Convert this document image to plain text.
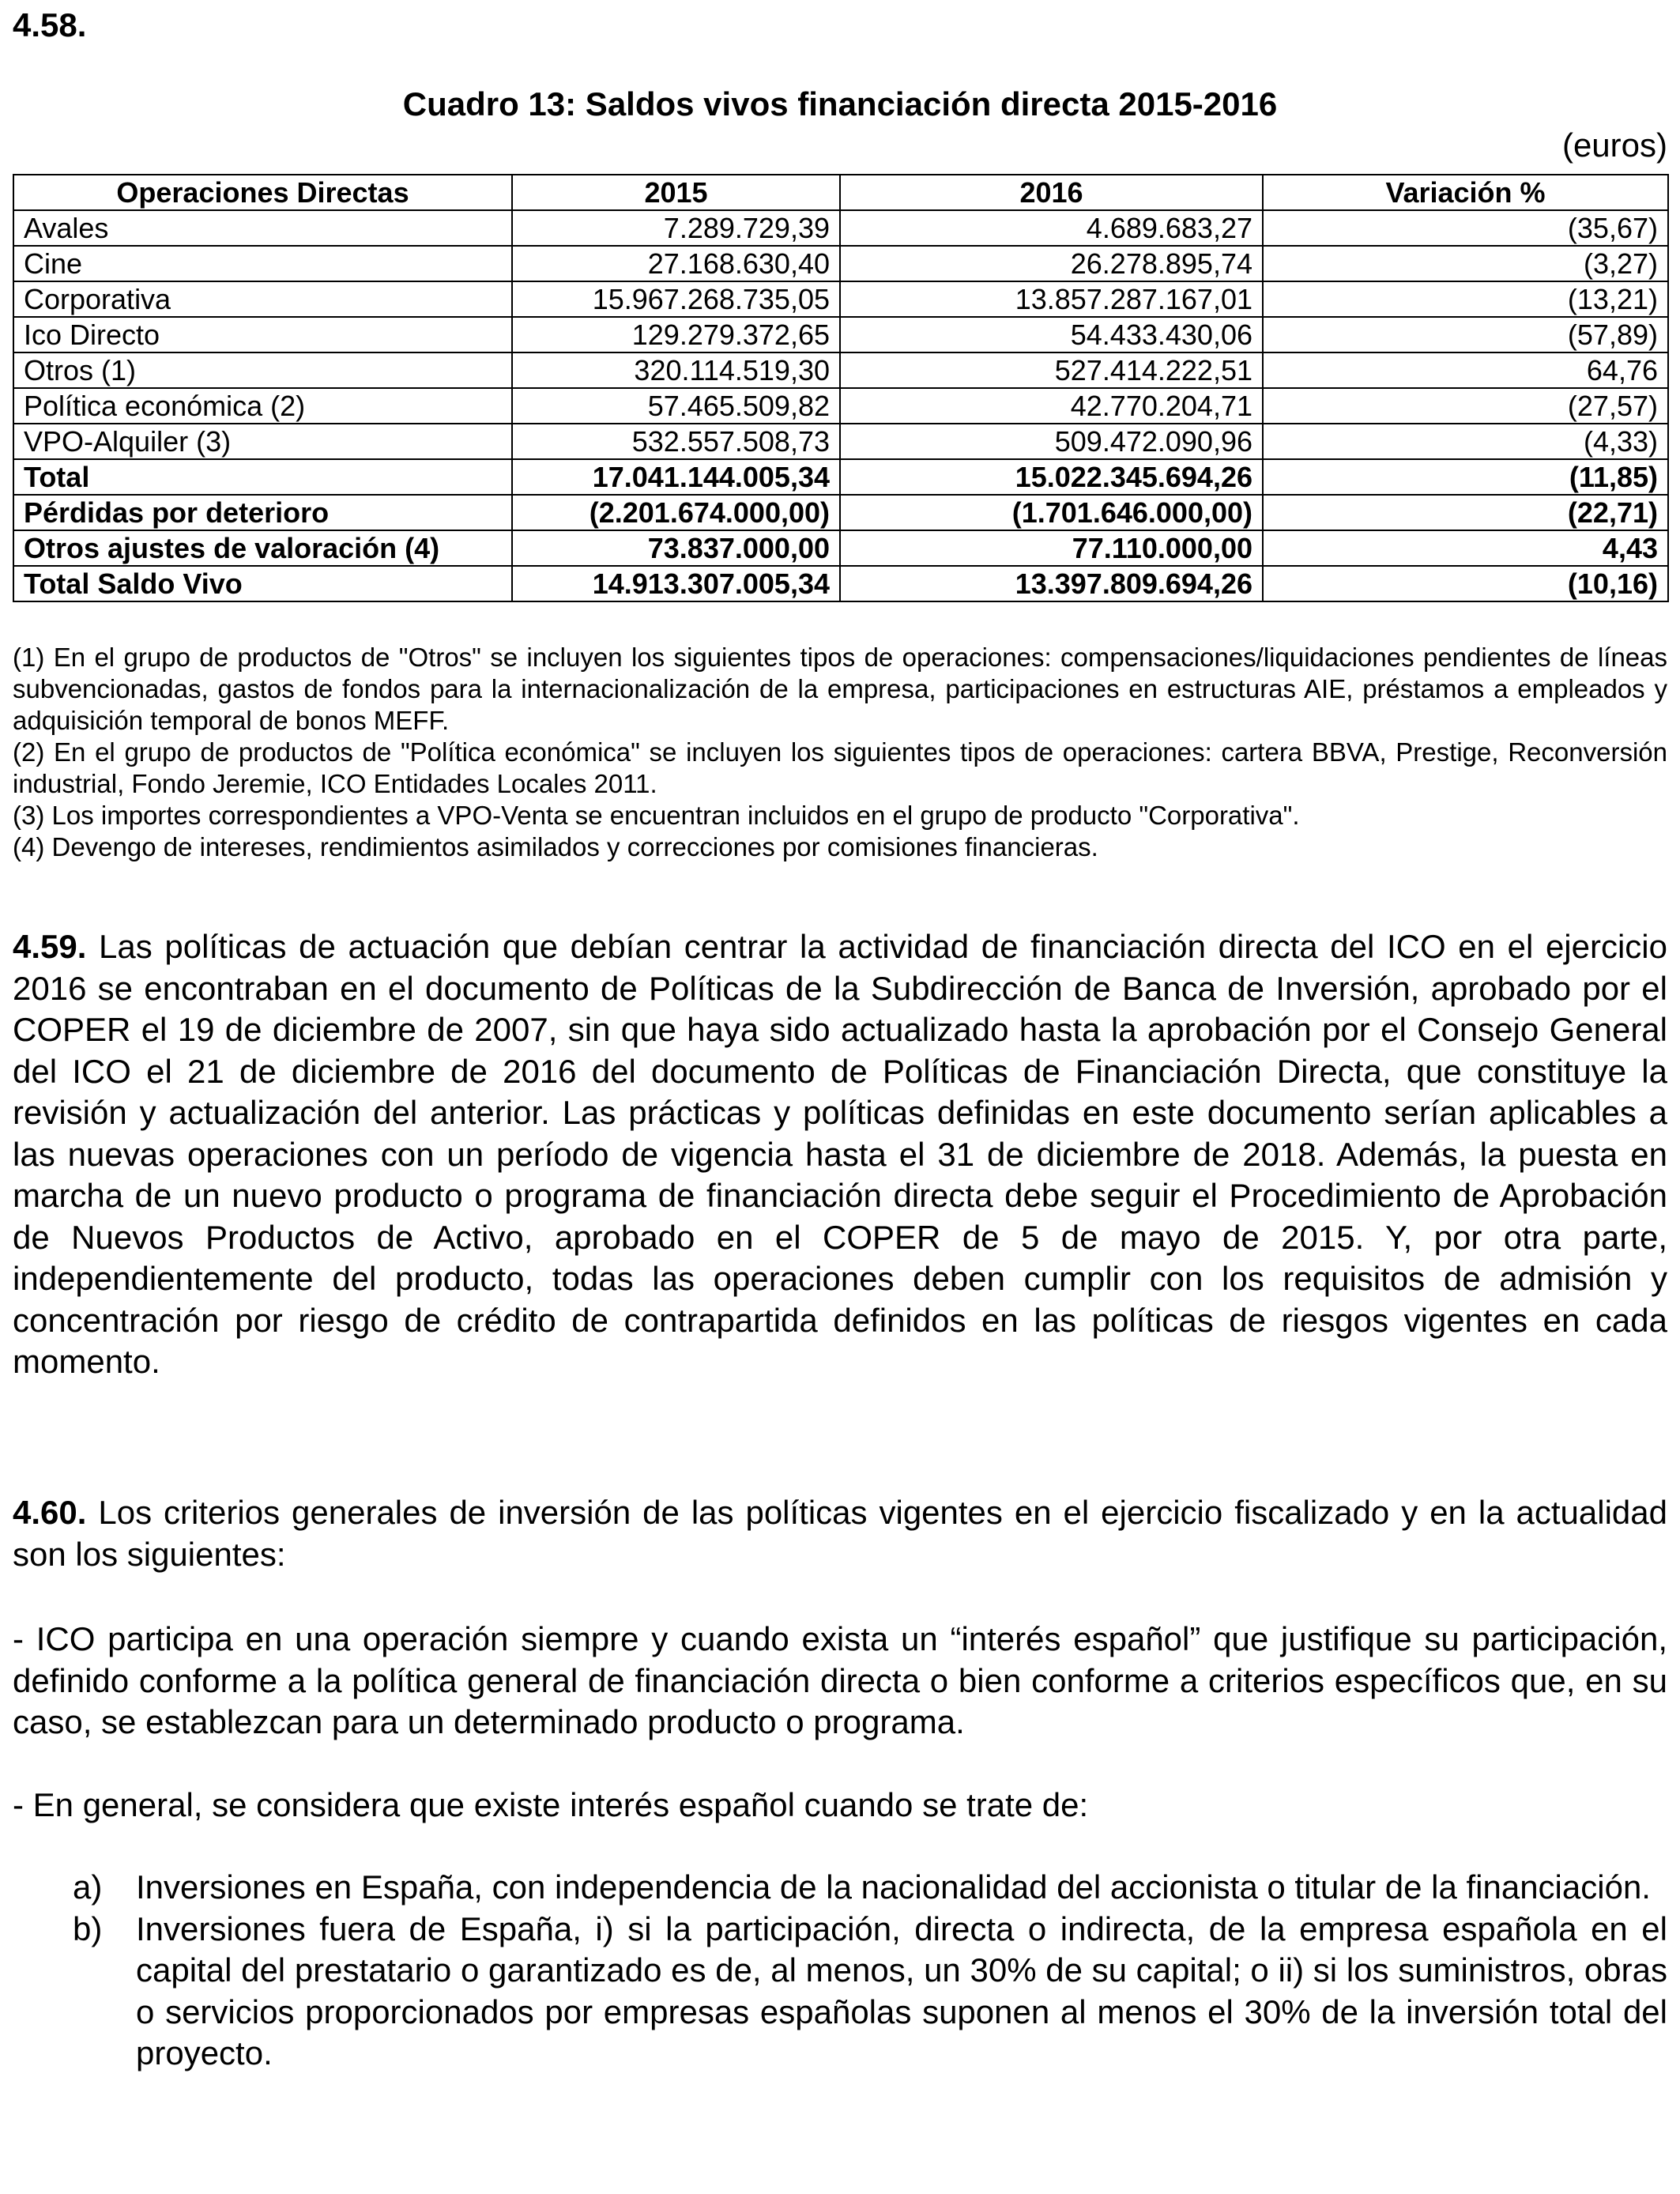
4.58.
Cuadro 13: Saldos vivos financiación directa 2015-2016
(euros)
Operaciones Directas	2015	2016	Variación %
Avales	7.289.729,39	4.689.683,27	(35,67)
Cine	27.168.630,40	26.278.895,74	(3,27)
Corporativa	15.967.268.735,05	13.857.287.167,01	(13,21)
Ico Directo	129.279.372,65	54.433.430,06	(57,89)
Otros (1)	320.114.519,30	527.414.222,51	64,76
Política económica (2)	57.465.509,82	42.770.204,71	(27,57)
VPO-Alquiler (3)	532.557.508,73	509.472.090,96	(4,33)
Total	17.041.144.005,34	15.022.345.694,26	(11,85)
Pérdidas por deterioro	(2.201.674.000,00)	(1.701.646.000,00)	(22,71)
Otros ajustes de valoración (4)	73.837.000,00	77.110.000,00	4,43
Total Saldo Vivo	14.913.307.005,34	13.397.809.694,26	(10,16)

(1) En el grupo de productos de "Otros" se incluyen los siguientes tipos de operaciones: compensaciones/liquidaciones pendientes de líneas subvencionadas, gastos de fondos para la internacionalización de la empresa, participaciones en estructuras AIE, préstamos a empleados y adquisición temporal de bonos MEFF.

(2) En el grupo de productos de "Política económica" se incluyen los siguientes tipos de operaciones: cartera BBVA, Prestige, Reconversión industrial, Fondo Jeremie, ICO Entidades Locales 2011.

(3) Los importes correspondientes a VPO-Venta se encuentran incluidos en el grupo de producto "Corporativa".

(4) Devengo de intereses, rendimientos asimilados y correcciones por comisiones financieras.

4.59. Las políticas de actuación que debían centrar la actividad de financiación directa del ICO en el ejercicio 2016 se encontraban en el documento de Políticas de la Subdirección de Banca de Inversión, aprobado por el COPER el 19 de diciembre de 2007, sin que haya sido actualizado hasta la aprobación por el Consejo General del ICO el 21 de diciembre de 2016 del documento de Políticas de Financiación Directa, que constituye la revisión y actualización del anterior. Las prácticas y políticas definidas en este documento serían aplicables a las nuevas operaciones con un período de vigencia hasta el 31 de diciembre de 2018. Además, la puesta en marcha de un nuevo producto o programa de financiación directa debe seguir el Procedimiento de Aprobación de Nuevos Productos de Activo, aprobado en el COPER de 5 de mayo de 2015. Y, por otra parte, independientemente del producto, todas las operaciones deben cumplir con los requisitos de admisión y concentración por riesgo de crédito de contrapartida definidos en las políticas de riesgos vigentes en cada momento.

4.60. Los criterios generales de inversión de las políticas vigentes en el ejercicio fiscalizado y en la actualidad son los siguientes:

- ICO participa en una operación siempre y cuando exista un “interés español” que justifique su participación, definido conforme a la política general de financiación directa o bien conforme a criterios específicos que, en su caso, se establezcan para un determinado producto o programa.

- En general, se considera que existe interés español cuando se trate de:

a) Inversiones en España, con independencia de la nacionalidad del accionista o titular de la financiación.
b) Inversiones fuera de España, i) si la participación, directa o indirecta, de la empresa española en el capital del prestatario o garantizado es de, al menos, un 30% de su capital; o ii) si los suministros, obras o servicios proporcionados por empresas españolas suponen al menos el 30% de la inversión total del proyecto.
